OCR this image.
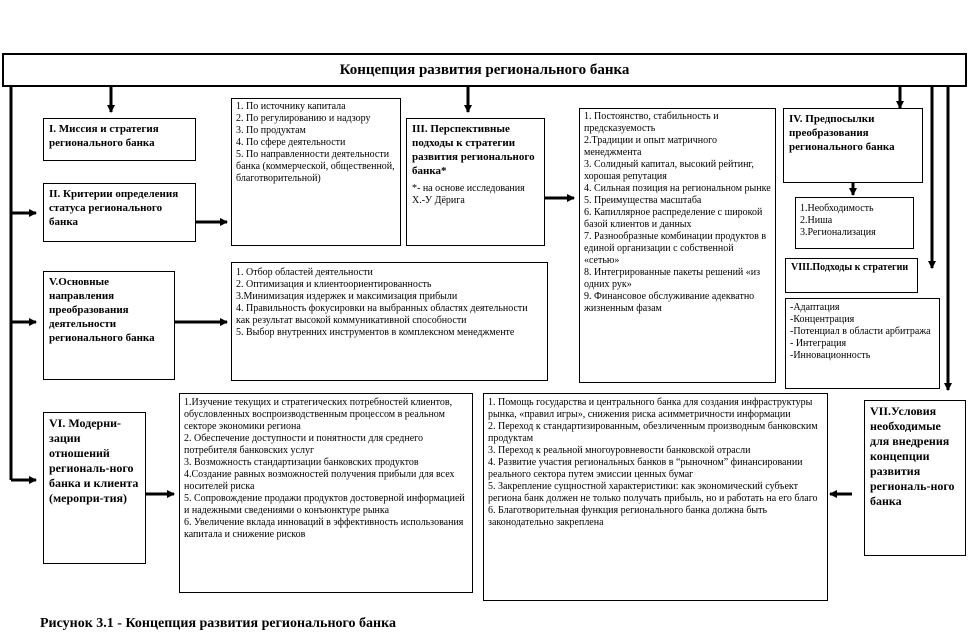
Концепция развития регионального банка
I. Миссия и стратегия регионального банка
II. Критерии определения статуса регионального банка
1. По источнику капитала
2. По регулированию и надзору
3. По продуктам
4. По сфере деятельности
5. По направленности деятельности банка (коммерческой, общественной, благотворительной)
III. Перспективные подходы к стратегии развития регионального банка*
*- на основе исследования Х.-У Дёрига
1. Постоянство, стабильность и предсказуемость
2.Традиции и опыт матричного менеджмента
3. Солидный капитал, высокий рейтинг, хорошая репутация
4. Сильная позиция на региональном рынке
5. Преимущества масштаба
6. Капиллярное распределение с широкой базой клиентов и данных
7. Разнообразные комбинации продуктов в единой организации с собственной «сетью»
8. Интегрированные пакеты решений «из одних рук»
9. Финансовое обслуживание адекватно жизненным фазам
IV. Предпосылки преобразования регионального банка
1.Необходимость
2.Ниша
3.Регионализация
VIII.Подходы к стратегии
-Адаптация
-Концентрация
-Потенциал в области арбитража
- Интеграция
-Инновационность
V.Основные направления преобразования деятельности регионального банка
1. Отбор областей деятельности
2. Оптимизация и клиентоориентированность
3.Минимизация издержек и максимизация прибыли
4. Правильность фокусировки на выбранных областях деятельности как результат высокой коммуникативной способности
5. Выбор внутренних инструментов в комплексном менеджменте
VI. Модерни-зации отношений региональ-ного банка и клиента (меропри-тия)
1.Изучение текущих и стратегических потребностей клиентов, обусловленных воспроизводственным процессом в реальном секторе экономики региона
2. Обеспечение доступности и понятности для среднего потребителя банковских услуг
3. Возможность стандартизации банковских продуктов
4.Создание равных возможностей получения прибыли для всех носителей риска
5. Сопровождение продажи продуктов достоверной информацией и надежными сведениями о конъюнктуре рынка
6. Увеличение вклада инноваций в эффективность использования капитала и снижение рисков
1. Помощь государства и центрального банка для создания инфраструктуры рынка, «правил игры», снижения риска асимметричности информации
2. Переход к стандартизированным, обезличенным производным банковским продуктам
3. Переход к реальной многоуровневости банковской отрасли
4. Развитие участия региональных банков в “рыночном” финансировании реального сектора путем эмиссии ценных бумаг
5. Закрепление сущностной характеристики: как экономический субъект региона банк должен не только получать прибыль, но и работать на его благо
6. Благотворительная функция регионального банка должна быть законодательно закреплена
VII.Условия необходимые для внедрения концепции развития региональ-ного банка
Рисунок 3.1 - Концепция развития регионального банка
